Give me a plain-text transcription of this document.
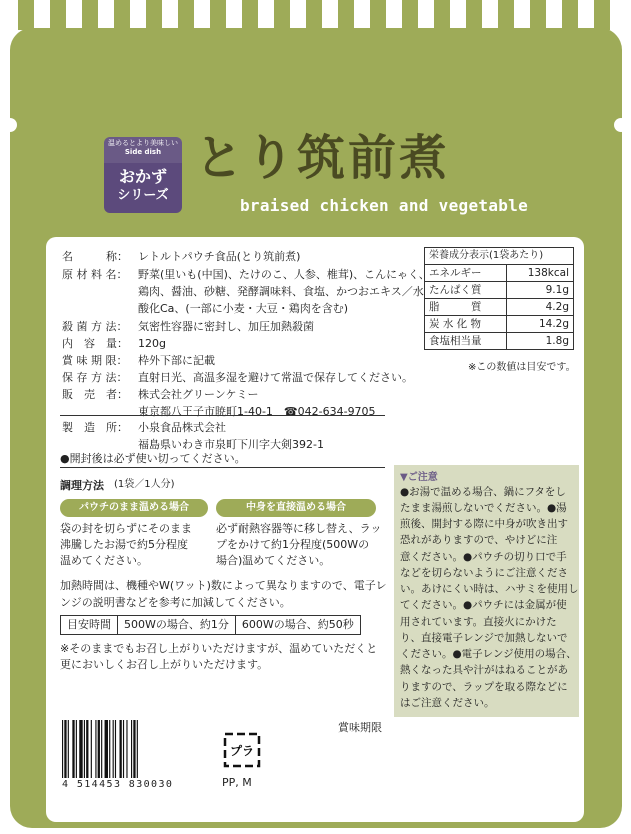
温めるとより美味しい
Side dish
おかず
シリーズ
とり筑前煮
braised chicken and vegetable
名　　　称： レトルトパウチ食品(とり筑前煮)
原 材 料 名： 野菜(里いも(中国)、たけのこ、人参、椎茸)、こんにゃく、
鶏肉、醤油、砂糖、発酵調味料、食塩、かつおエキス／水
酸化Ca、(一部に小麦・大豆・鶏肉を含む)
殺 菌 方 法： 気密性容器に密封し、加圧加熱殺菌
内　容　量： 120g
賞 味 期 限： 枠外下部に記載
保 存 方 法： 直射日光、高温多湿を避けて常温で保存してください。
販　売　者： 株式会社グリーンケミー
東京都八王子市暁町1-40-1　☎042-634-9705
製　造　所： 小泉食品株式会社
福島県いわき市泉町下川字大剣392-1
栄養成分表示(1袋あたり)	
エネルギー	138kcal
たんぱく質	9.1g
脂　　　質	4.2g
炭 水 化 物	14.2g
食塩相当量	1.8g
※この数値は目安です。
●開封後は必ず使い切ってください。
調理方法 (1袋／1人分)
パウチのまま温める場合	中身を直接温める場合
袋の封を切らずにそのまま
沸騰したお湯で約5分程度
温めてください。
必ず耐熱容器等に移し替え、ラッ
プをかけて約1分程度(500Wの
場合)温めてください。
加熱時間は、機種やW(ワット)数によって異なりますので、電子レ
ンジの説明書などを参考に加減してください。
目安時間	500Wの場合、約1分	600Wの場合、約50秒
※そのままでもお召し上がりいただけますが、温めていただくと
更においしくお召し上がりいただけます。
▼ご注意
●お湯で温める場合、鍋にフタをし
たまま湯煎しないでください。●湯
煎後、開封する際に中身が吹き出す
恐れがありますので、やけどに注
意ください。●パウチの切り口で手
などを切らないようにご注意くださ
い。あけにくい時は、ハサミを使用し
てください。●パウチには金属が使
用されています。直接火にかけた
り、直接電子レンジで加熱しないで
ください。●電子レンジ使用の場合、
熱くなった具や汁がはねることがあ
りますので、ラップを取る際などに
はご注意ください。
賞味期限
4 514453 830030
プラ
PP, M
